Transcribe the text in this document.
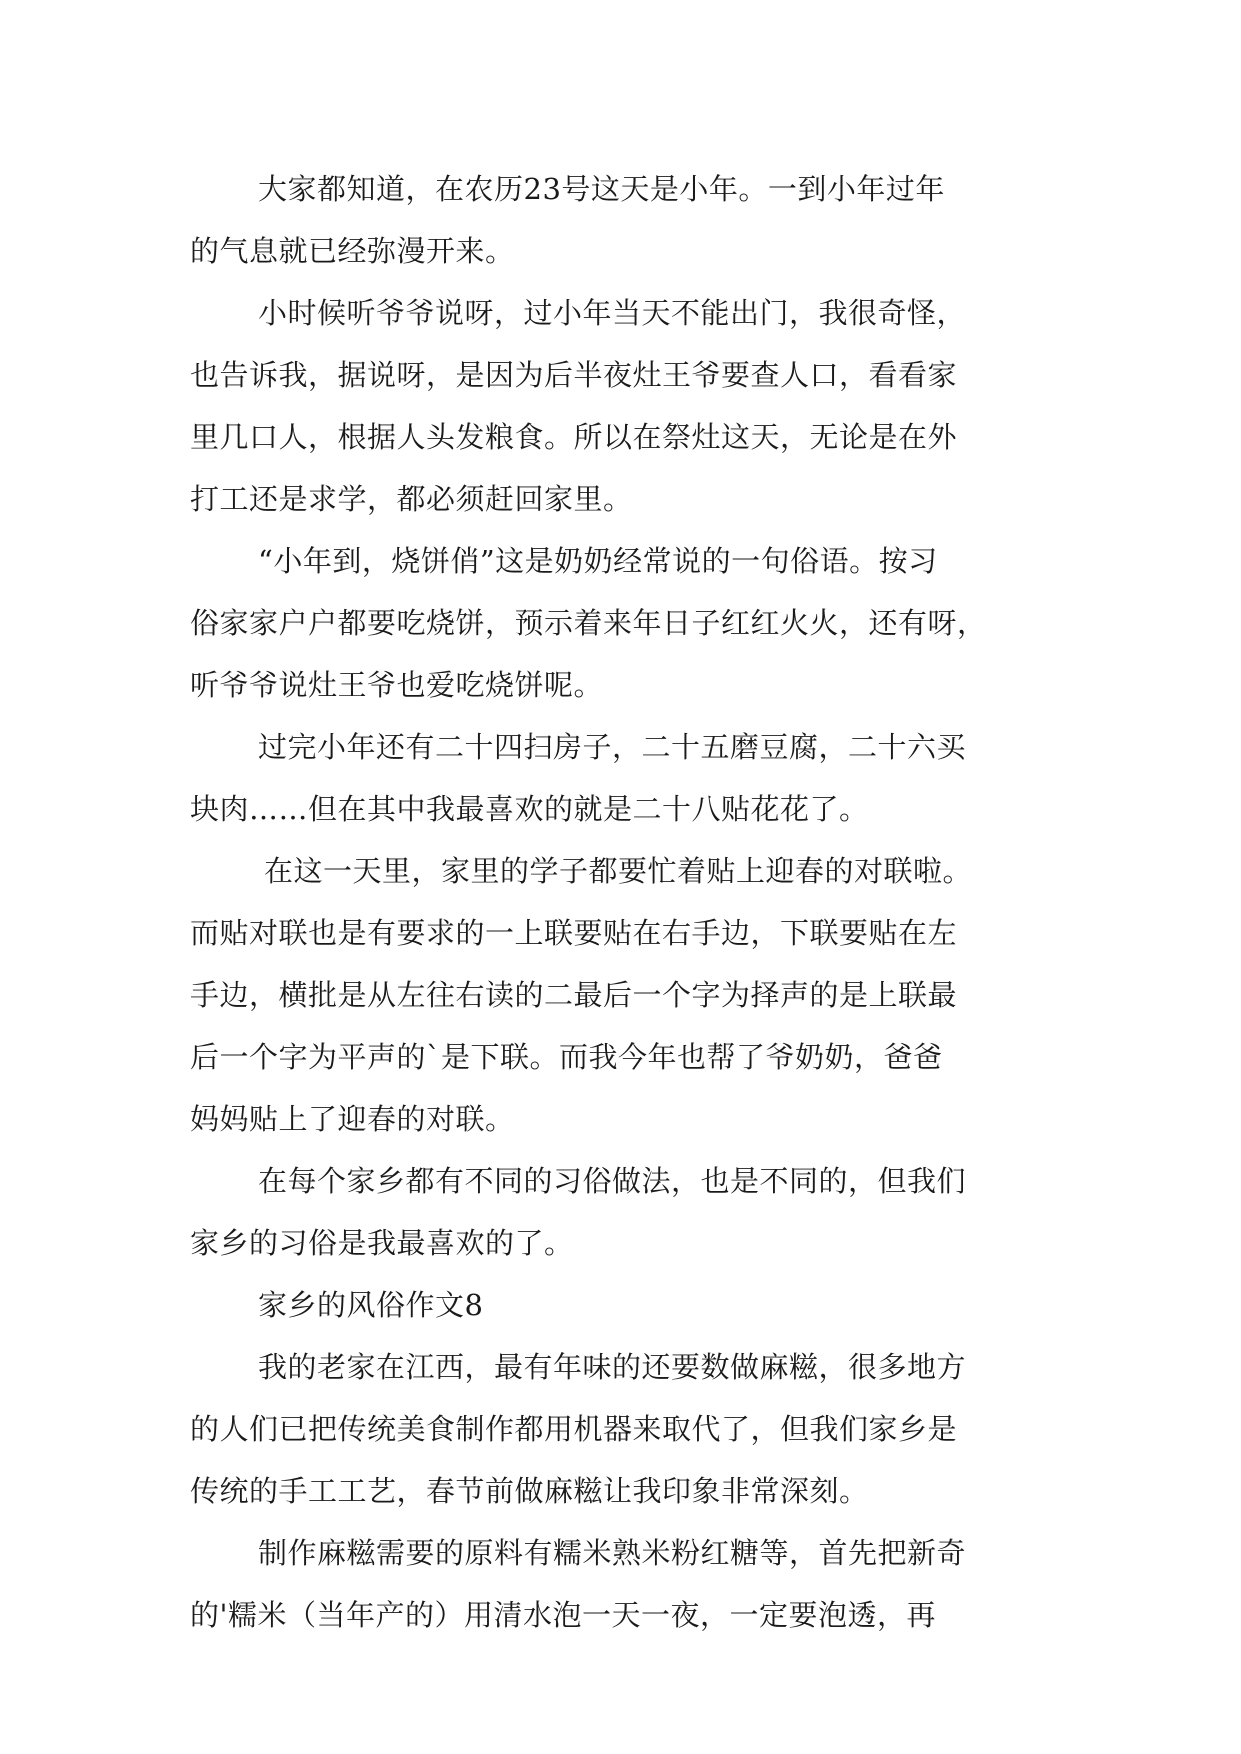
大家都知道，在农历23号这天是小年。一到小年过年
的气息就已经弥漫开来。
小时候听爷爷说呀，过小年当天不能出门，我很奇怪，
也告诉我，据说呀，是因为后半夜灶王爷要查人口，看看家
里几口人，根据人头发粮食。所以在祭灶这天，无论是在外
打工还是求学，都必须赶回家里。
“小年到，烧饼俏”这是奶奶经常说的一句俗语。按习
俗家家户户都要吃烧饼，预示着来年日子红红火火，还有呀，
听爷爷说灶王爷也爱吃烧饼呢。
过完小年还有二十四扫房子，二十五磨豆腐，二十六买
块肉……但在其中我最喜欢的就是二十八贴花花了。
在这一天里，家里的学子都要忙着贴上迎春的对联啦。
而贴对联也是有要求的一上联要贴在右手边，下联要贴在左
手边，横批是从左往右读的二最后一个字为择声的是上联最
后一个字为平声的`是下联。而我今年也帮了爷奶奶，爸爸
妈妈贴上了迎春的对联。
在每个家乡都有不同的习俗做法，也是不同的，但我们
家乡的习俗是我最喜欢的了。
家乡的风俗作文8
我的老家在江西，最有年味的还要数做麻糍，很多地方
的人们已把传统美食制作都用机器来取代了，但我们家乡是
传统的手工工艺，春节前做麻糍让我印象非常深刻。
制作麻糍需要的原料有糯米熟米粉红糖等，首先把新奇
的'糯米（当年产的）用清水泡一天一夜，一定要泡透，再
